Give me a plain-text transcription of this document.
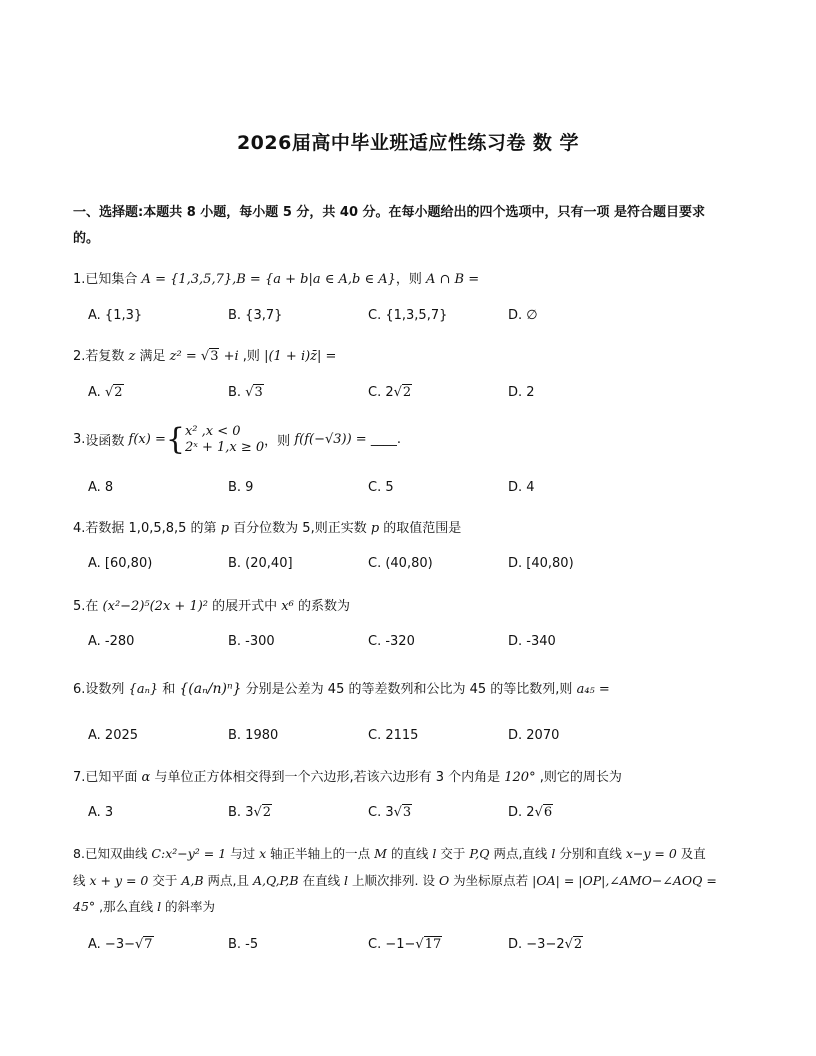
2026届高中毕业班适应性练习卷 数 学
一、选择题:本题共 8 小题，每小题 5 分，共 40 分。在每小题给出的四个选项中，只有一项 是符合题目要求
的。
1.已知集合 A = {1,3,5,7},B = {a + b|a ∈ A,b ∈ A}，则 A ∩ B =
A. {1,3}	B. {3,7}	C. {1,3,5,7}	D. ∅
2.若复数 z 满足 z² = √3 +i ,则 |(1 + i)z̄| =
A. √2	B. √3	C. 2√2	D. 2
3.设函数 f(x) ={ x² ,x < 0
2ˣ + 1,x ≥ 0 ，则 f(f(−√3)) = ____.
A. 8	B. 9	C. 5	D. 4
4.若数据 1,0,5,8,5 的第 p 百分位数为 5,则正实数 p 的取值范围是
A. [60,80)	B. (20,40]	C. (40,80)	D. [40,80)
5.在 (x²−2)⁵(2x + 1)² 的展开式中 x⁶ 的系数为
A. -280	B. -300	C. -320	D. -340
6.设数列 {aₙ} 和 {(aₙ/n)ⁿ} 分别是公差为 45 的等差数列和公比为 45 的等比数列,则 a₄₅ =
A. 2025	B. 1980	C. 2115	D. 2070
7.已知平面 α 与单位正方体相交得到一个六边形,若该六边形有 3 个内角是 120° ,则它的周长为
A. 3	B. 3√2	C. 3√3	D. 2√6
8.已知双曲线 C:x²−y² = 1 与过 x 轴正半轴上的一点 M 的直线 l 交于 P,Q 两点,直线 l 分别和直线 x−y = 0 及直
线 x + y = 0 交于 A,B 两点,且 A,Q,P,B 在直线 l 上顺次排列. 设 O 为坐标原点若 |OA| = |OP|,∠AMO−∠AOQ =
45° ,那么直线 l 的斜率为
A. −3−√7	B. -5	C. −1−√17	D. −3−2√2
